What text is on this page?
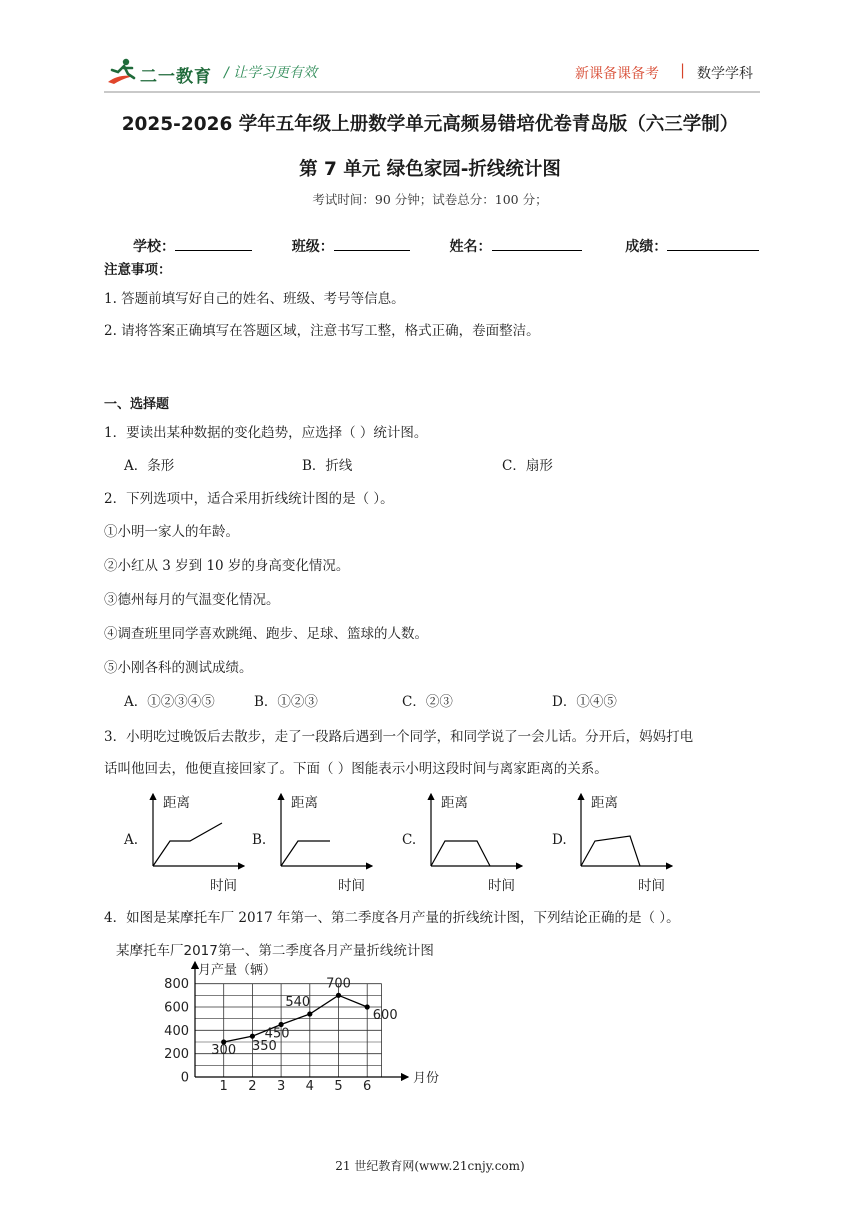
二一教育 / 让学习更有效	新课备课备考 | 数学学科
2025-2026 学年五年级上册数学单元高频易错培优卷青岛版（六三学制）
第 7 单元 绿色家园-折线统计图
考试时间：90 分钟；试卷总分：100 分；
学校：	班级：	姓名：	成绩：
注意事项：
1. 答题前填写好自己的姓名、班级、考号等信息。
2. 请将答案正确填写在答题区域，注意书写工整，格式正确，卷面整洁。
一、选择题
1．要读出某种数据的变化趋势，应选择（ ）统计图。
A．条形	B．折线	C．扇形
2．下列选项中，适合采用折线统计图的是（ ）。
①小明一家人的年龄。
②小红从 3 岁到 10 岁的身高变化情况。
③德州每月的气温变化情况。
④调查班里同学喜欢跳绳、跑步、足球、篮球的人数。
⑤小刚各科的测试成绩。
A．①②③④⑤	B．①②③	C．②③	D．①④⑤
3．小明吃过晚饭后去散步，走了一段路后遇到一个同学，和同学说了一会儿话。分开后，妈妈打电
话叫他回去，他便直接回家了。下面（ ）图能表示小明这段时间与离家距离的关系。
A.
距离
时间
B.
距离
时间
C.
距离
时间
D.
距离
时间
4．如图是某摩托车厂 2017 年第一、第二季度各月产量的折线统计图，下列结论正确的是（ ）。
某摩托车厂2017第一、第二季度各月产量折线统计图
月产量（辆）
月份
0
200
400
600
800
1 2 3 4 5 6
300 350
450
540
700
600
21 世纪教育网(www.21cnjy.com)
